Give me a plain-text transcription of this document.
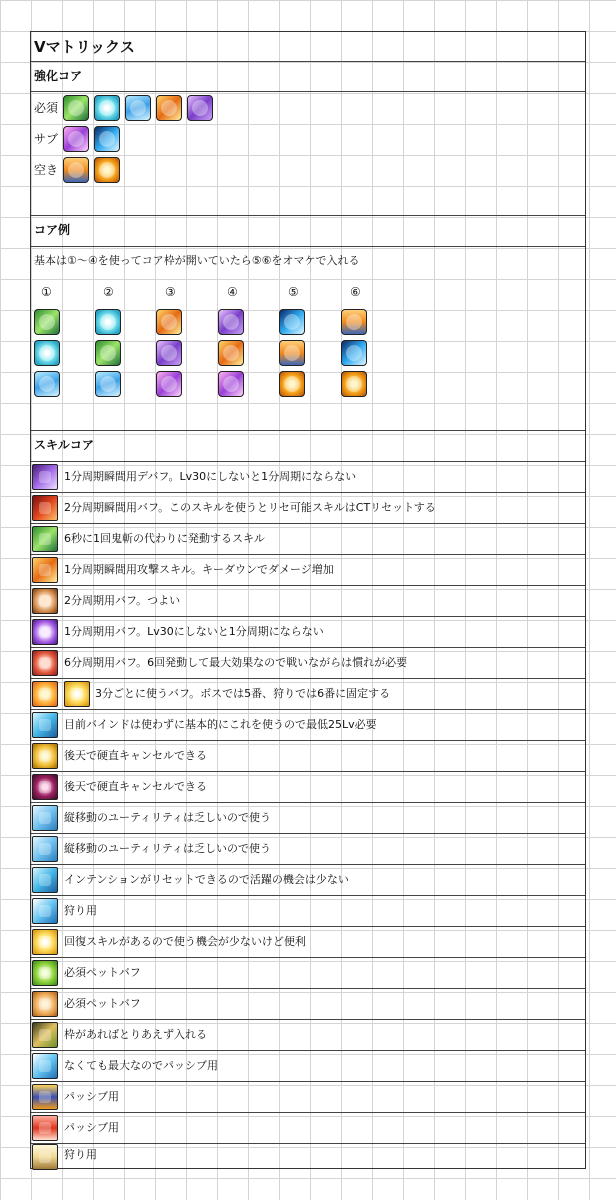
Vマトリックス
強化コア
必須
サブ
空き
コア例
基本は①～④を使ってコア枠が開いていたら⑤⑥をオマケで入れる
①	②	③	④	⑤	⑥
スキルコア
1分周期瞬間用デバフ。Lv30にしないと1分周期にならない
2分周期瞬間用バフ。このスキルを使うとリセ可能スキルはCTリセットする
6秒に1回鬼斬の代わりに発動するスキル
1分周期瞬間用攻撃スキル。キーダウンでダメージ増加
2分周期用バフ。つよい
1分周期用バフ。Lv30にしないと1分周期にならない
6分周期用バフ。6回発動して最大効果なので戦いながらは慣れが必要
3分ごとに使うバフ。ボスでは5番、狩りでは6番に固定する
目前バインドは使わずに基本的にこれを使うので最低25Lv必要
後天で硬直キャンセルできる
後天で硬直キャンセルできる
縦移動のユーティリティは乏しいので使う
縦移動のユーティリティは乏しいので使う
インテンションがリセットできるので活躍の機会は少ない
狩り用
回復スキルがあるので使う機会が少ないけど便利
必須ペットバフ
必須ペットバフ
枠があればとりあえず入れる
なくても最大なのでパッシブ用
パッシブ用
パッシブ用
狩り用
